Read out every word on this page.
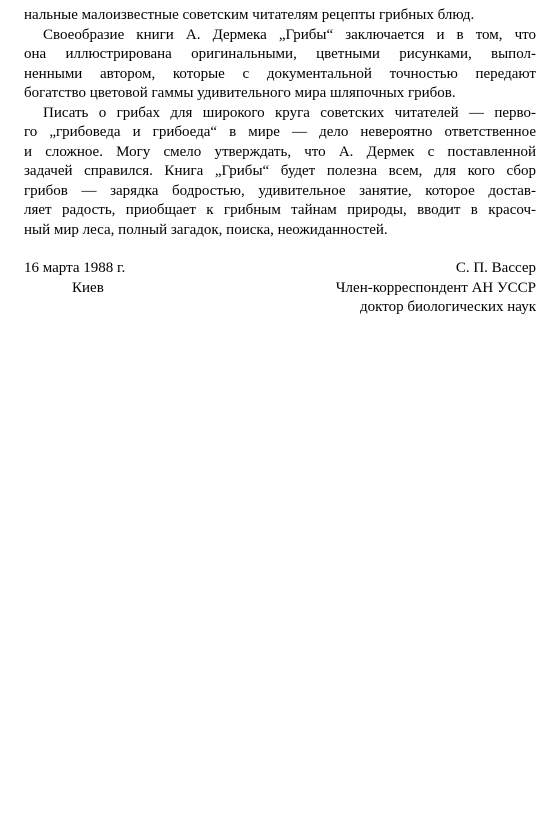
нальные малоизвестные советским читателям рецепты грибных блюд.
Своеобразие книги А. Дермека „Грибы“ заключается и в том, что
она иллюстрирована оригинальными, цветными рисунками, выпол-
ненными автором, которые с документальной точностью передают
богатство цветовой гаммы удивительного мира шляпочных грибов.
Писать о грибах для широкого круга советских читателей — перво-
го „грибоведа и грибоеда“ в мире — дело невероятно ответственное
и сложное. Могу смело утверждать, что А. Дермек с поставленной
задачей справился. Книга „Грибы“ будет полезна всем, для кого сбор
грибов — зарядка бодростью, удивительное занятие, которое достав-
ляет радость, приобщает к грибным тайнам природы, вводит в красоч-
ный мир леса, полный загадок, поиска, неожиданностей.
16 марта 1988 г.
Киев
С. П. Вассер
Член-корреспондент АН УССР
доктор биологических наук
